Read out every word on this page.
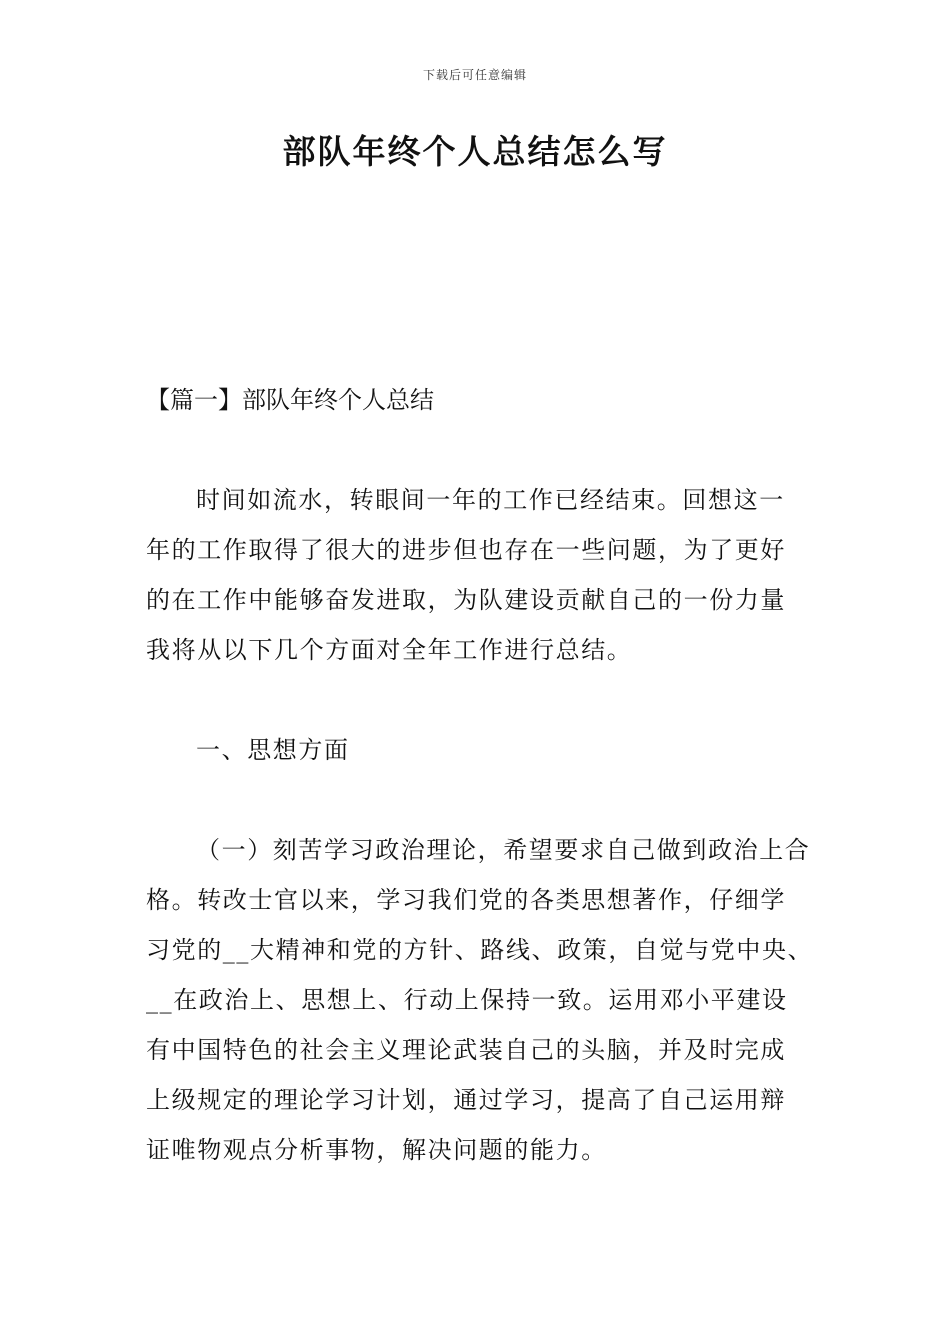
下载后可任意编辑
部队年终个人总结怎么写
【篇一】部队年终个人总结

时间如流水，转眼间一年的工作已经结束。回想这一

年的工作取得了很大的进步但也存在一些问题，为了更好

的在工作中能够奋发进取，为队建设贡献自己的一份力量

我将从以下几个方面对全年工作进行总结。

一、思想方面

（一）刻苦学习政治理论，希望要求自己做到政治上合

格。转改士官以来，学习我们党的各类思想著作，仔细学

习党的__大精神和党的方针、路线、政策，自觉与党中央、

__在政治上、思想上、行动上保持一致。运用邓小平建设

有中国特色的社会主义理论武装自己的头脑，并及时完成

上级规定的理论学习计划，通过学习，提高了自己运用辩

证唯物观点分析事物，解决问题的能力。
